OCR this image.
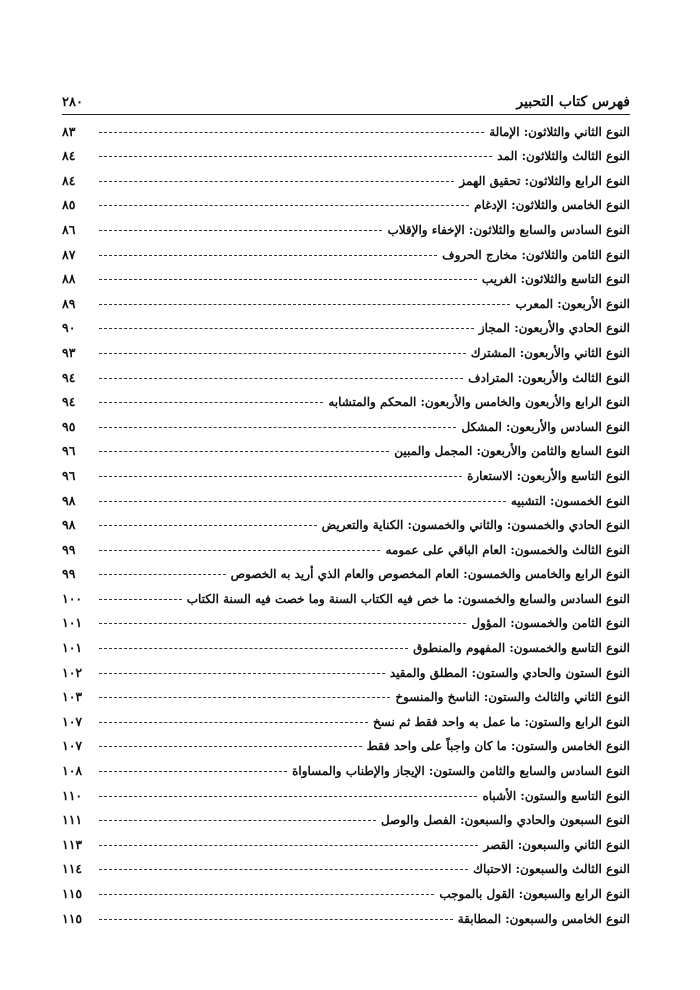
فهرس كتاب التحبير
٢٨٠
النوع الثاني والثلاثون: الإمالة
٨٣
النوع الثالث والثلاثون: المد
٨٤
النوع الرابع والثلاثون: تحقيق الهمز
٨٤
النوع الخامس والثلاثون: الإدغام
٨٥
النوع السادس والسابع والثلاثون: الإخفاء والإقلاب
٨٦
النوع الثامن والثلاثون: مخارج الحروف
٨٧
النوع التاسع والثلاثون: الغريب
٨٨
النوع الأربعون: المعرب
٨٩
النوع الحادي والأربعون: المجاز
٩٠
النوع الثاني والأربعون: المشترك
٩٣
النوع الثالث والأربعون: المترادف
٩٤
النوع الرابع والأربعون والخامس والأربعون: المحكم والمتشابه
٩٤
النوع السادس والأربعون: المشكل
٩٥
النوع السابع والثامن والأربعون: المجمل والمبين
٩٦
النوع التاسع والأربعون: الاستعارة
٩٦
النوع الخمسون: التشبيه
٩٨
النوع الحادي والخمسون: والثاني والخمسون: الكناية والتعريض
٩٨
النوع الثالث والخمسون: العام الباقي على عمومه
٩٩
النوع الرابع والخامس والخمسون: العام المخصوص والعام الذي أريد به الخصوص
٩٩
النوع السادس والسابع والخمسون: ما خص فيه الكتاب السنة وما خصت فيه السنة الكتاب
١٠٠
النوع الثامن والخمسون: المؤول
١٠١
النوع التاسع والخمسون: المفهوم والمنطوق
١٠١
النوع الستون والحادي والستون: المطلق والمقيد
١٠٢
النوع الثاني والثالث والستون: الناسخ والمنسوخ
١٠٣
النوع الرابع والستون: ما عمل به واحد فقط ثم نسخ
١٠٧
النوع الخامس والستون: ما كان واجباً على واحد فقط
١٠٧
النوع السادس والسابع والثامن والستون: الإيجاز والإطناب والمساواة
١٠٨
النوع التاسع والستون: الأشباه
١١٠
النوع السبعون والحادي والسبعون: الفصل والوصل
١١١
النوع الثاني والسبعون: القصر
١١٣
النوع الثالث والسبعون: الاحتباك
١١٤
النوع الرابع والسبعون: القول بالموجب
١١٥
النوع الخامس والسبعون: المطابقة
١١٥
